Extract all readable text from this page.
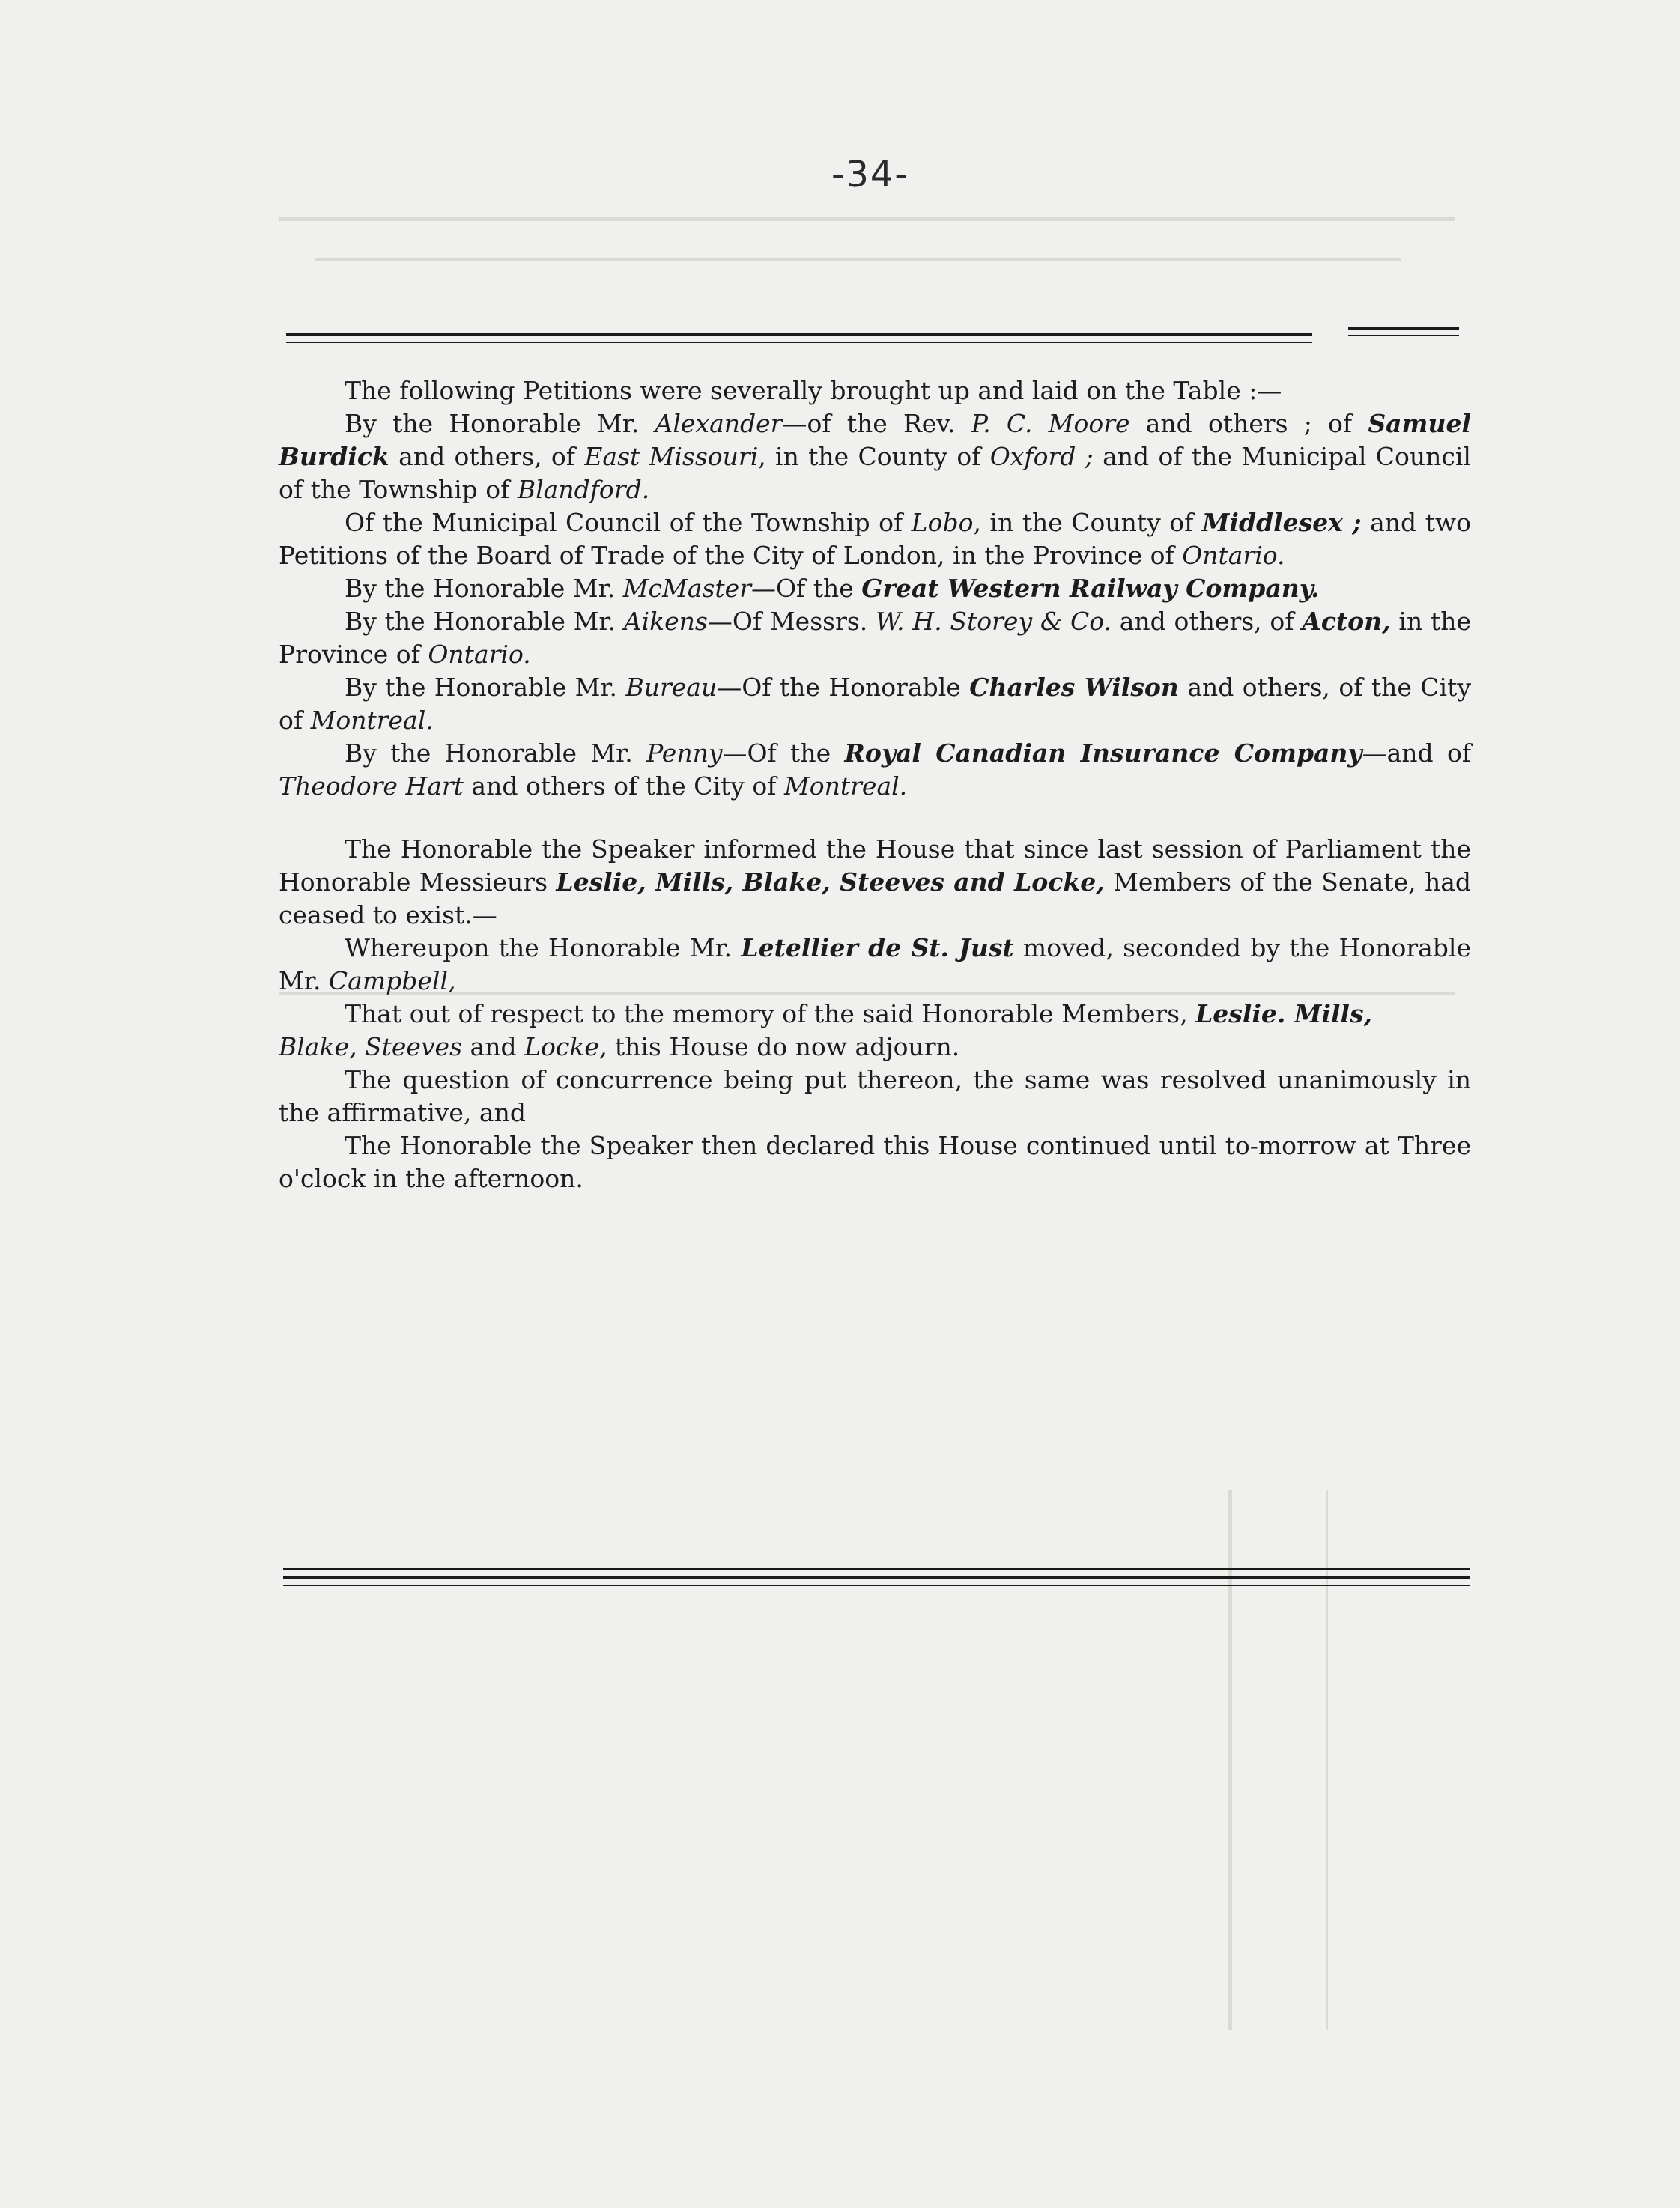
-34-

The following Petitions were severally brought up and laid on the Table :—

By the Honorable Mr. Alexander—of the Rev. P. C. Moore and others ; of Samuel Burdick and others, of East Missouri, in the County of Oxford ; and of the Municipal Council of the Township of Blandford.

Of the Municipal Council of the Township of Lobo, in the County of Middlesex ; and two Petitions of the Board of Trade of the City of London, in the Province of Ontario.

By the Honorable Mr. McMaster—Of the Great Western Railway Company.

By the Honorable Mr. Aikens—Of Messrs. W. H. Storey & Co. and others, of Acton, in the Province of Ontario.

By the Honorable Mr. Bureau—Of the Honorable Charles Wilson and others, of the City of Montreal.

By the Honorable Mr. Penny—Of the Royal Canadian Insurance Company—and of Theodore Hart and others of the City of Montreal.

The Honorable the Speaker informed the House that since last session of Parliament the Honorable Messieurs Leslie, Mills, Blake, Steeves and Locke, Members of the Senate, had ceased to exist.—

Whereupon the Honorable Mr. Letellier de St. Just moved, seconded by the Honorable Mr. Campbell,

That out of respect to the memory of the said Honorable Members, Leslie. Mills,
Blake, Steeves and Locke, this House do now adjourn.

The question of concurrence being put thereon, the same was resolved unanimously in the affirmative, and

The Honorable the Speaker then declared this House continued until to-morrow at Three o'clock in the afternoon.
